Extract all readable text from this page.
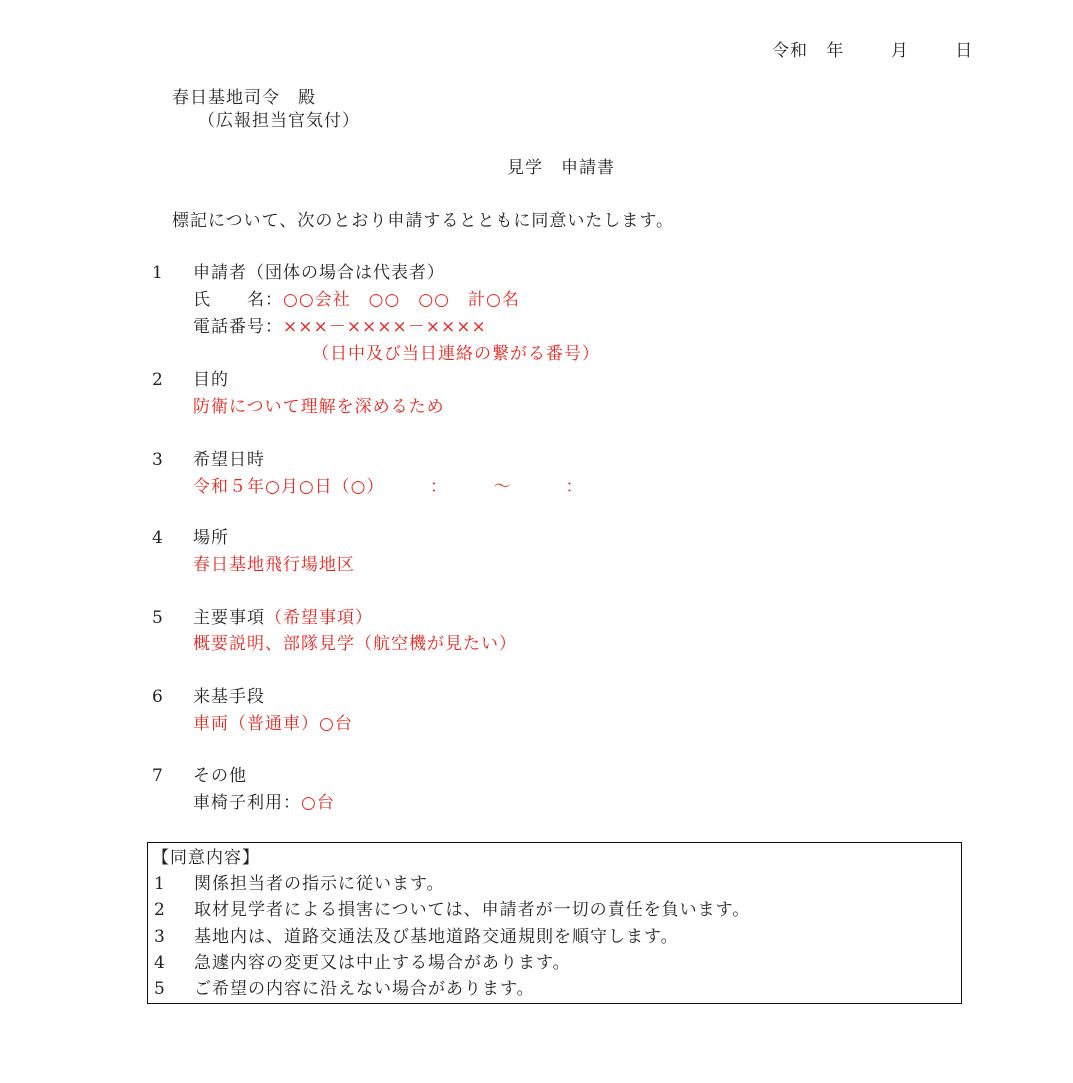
令和 年	月	日
春日基地司令　殿
（広報担当官気付）
見学　申請書
標記について、次のとおり申請するとともに同意いたします。
1 申請者（団体の場合は代表者）
氏　　名：○○会社　○○　○○　計○名
電話番号：×××－××××－××××
（日中及び当日連絡の繋がる番号）
2 目的
防衛について理解を深めるため
3 希望日時
令和５年○月○日（○）　　　：　　　～　　　：
4 場所
春日基地飛行場地区
5 主要事項（希望事項）
概要説明、部隊見学（航空機が見たい）
6 来基手段
車両（普通車）○台
7 その他
車椅子利用：○台
【同意内容】
1 関係担当者の指示に従います。
2 取材見学者による損害については、申請者が一切の責任を負います。
3 基地内は、道路交通法及び基地道路交通規則を順守します。
4 急遽内容の変更又は中止する場合があります。
5 ご希望の内容に沿えない場合があります。
